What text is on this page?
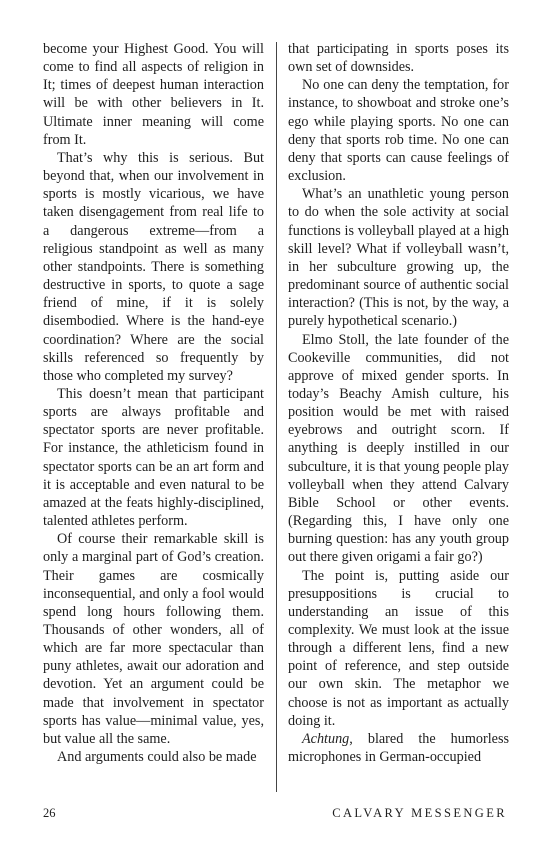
become your Highest Good. You will come to find all aspects of religion in It; times of deepest human interaction will be with other believers in It. Ultimate inner meaning will come from It.

That’s why this is serious. But beyond that, when our involvement in sports is mostly vicarious, we have taken disengagement from real life to a dangerous extreme—from a religious standpoint as well as many other standpoints. There is something destructive in sports, to quote a sage friend of mine, if it is solely disembodied. Where is the hand-eye coordination? Where are the social skills referenced so frequently by those who completed my survey?

This doesn’t mean that participant sports are always profitable and spectator sports are never profitable. For instance, the athleticism found in spectator sports can be an art form and it is acceptable and even natural to be amazed at the feats highly-disciplined, talented athletes perform.

Of course their remarkable skill is only a marginal part of God’s creation. Their games are cosmically inconsequential, and only a fool would spend long hours following them. Thousands of other wonders, all of which are far more spectacular than puny athletes, await our adoration and devotion. Yet an argument could be made that involvement in spectator sports has value—minimal value, yes, but value all the same.

And arguments could also be made

that participating in sports poses its own set of downsides.

No one can deny the temptation, for instance, to showboat and stroke one’s ego while playing sports. No one can deny that sports rob time. No one can deny that sports can cause feelings of exclusion.

What’s an unathletic young person to do when the sole activity at social functions is volleyball played at a high skill level? What if volleyball wasn’t, in her subculture growing up, the predominant source of authentic social interaction? (This is not, by the way, a purely hypothetical scenario.)

Elmo Stoll, the late founder of the Cookeville communities, did not approve of mixed gender sports. In today’s Beachy Amish culture, his position would be met with raised eyebrows and outright scorn. If anything is deeply instilled in our subculture, it is that young people play volleyball when they attend Calvary Bible School or other events. (Regarding this, I have only one burning question: has any youth group out there given origami a fair go?)

The point is, putting aside our presuppositions is crucial to understanding an issue of this complexity. We must look at the issue through a different lens, find a new point of reference, and step outside our own skin. The metaphor we choose is not as important as actually doing it.

Achtung, blared the humorless microphones in German-occupied

26	CALVARY MESSENGER
